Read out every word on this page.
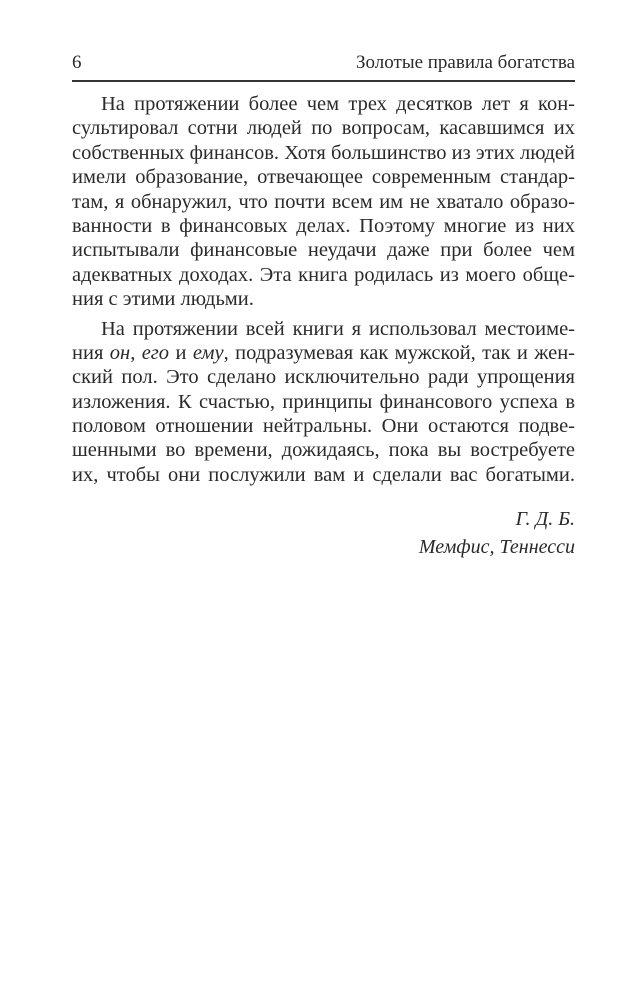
6	Золотые правила богатства
На протяжении более чем трех десятков лет я кон-
сультировал сотни людей по вопросам, касавшимся их
собственных финансов. Хотя большинство из этих людей
имели образование, отвечающее современным стандар-
там, я обнаружил, что почти всем им не хватало образо-
ванности в финансовых делах. Поэтому многие из них
испытывали финансовые неудачи даже при более чем
адекватных доходах. Эта книга родилась из моего обще-
ния с этими людьми.
На протяжении всей книги я использовал местоиме-
ния он, его и ему, подразумевая как мужской, так и жен-
ский пол. Это сделано исключительно ради упрощения
изложения. К счастью, принципы финансового успеха в
половом отношении нейтральны. Они остаются подве-
шенными во времени, дожидаясь, пока вы востребуете
их, чтобы они послужили вам и сделали вас богатыми.
Г. Д. Б.
Мемфис, Теннесси
